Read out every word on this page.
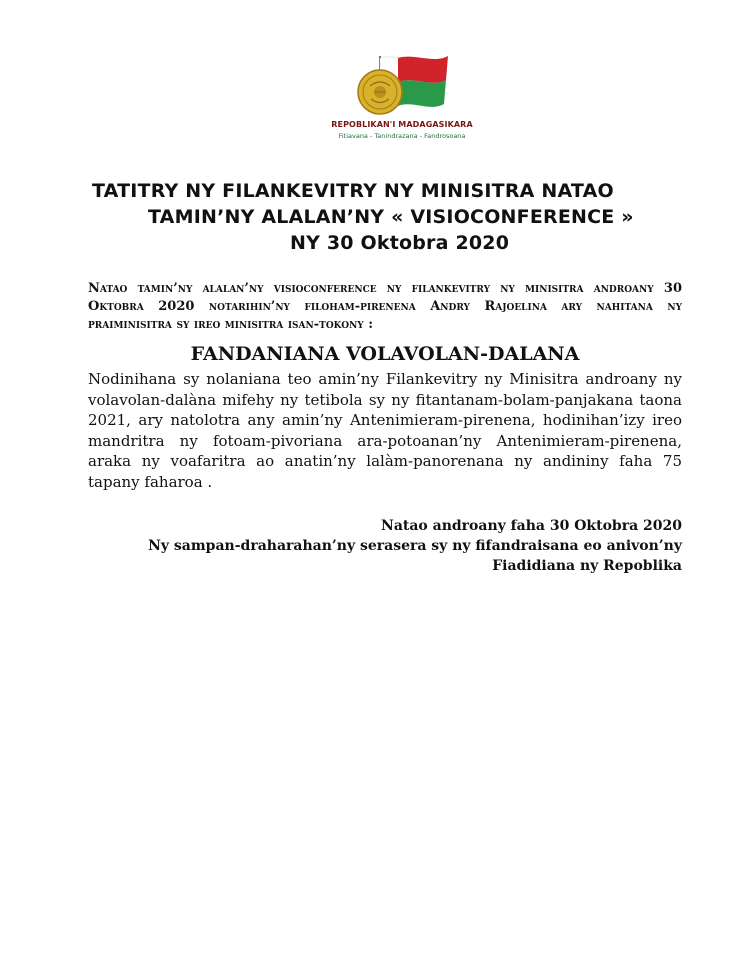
REPOBLIKAN'I MADAGASIKARA
Fitiavana - Tanindrazana - Fandrosoana
TATITRY NY FILANKEVITRY NY MINISITRA NATAO
TAMIN’NY ALALAN’NY « VISIOCONFERENCE »
NY 30 Oktobra 2020
Natao tamin’ny alalan’ny visioconference ny filankevitry ny minisitra androany 30 Oktobra 2020 notarihin’ny filoham-pirenena Andry Rajoelina ary nahitana ny praiminisitra sy ireo minisitra isan-tokony :
FANDANIANA VOLAVOLAN-DALANA
Nodinihana sy nolaniana teo amin’ny Filankevitry ny Minisitra androany ny volavolan-dalàna mifehy ny tetibola sy ny fitantanam-bolam-panjakana taona 2021, ary natolotra any amin’ny Antenimieram-pirenena, hodinihan’izy ireo mandritra ny fotoam-pivoriana ara-potoanan’ny Antenimieram-pirenena, araka ny voafaritra ao anatin’ny lalàm-panorenana ny andininy faha 75 tapany faharoa .
Natao androany faha 30 Oktobra 2020
Ny sampan-draharahan’ny serasera sy ny fifandraisana eo anivon’ny
Fiadidiana ny Repoblika
